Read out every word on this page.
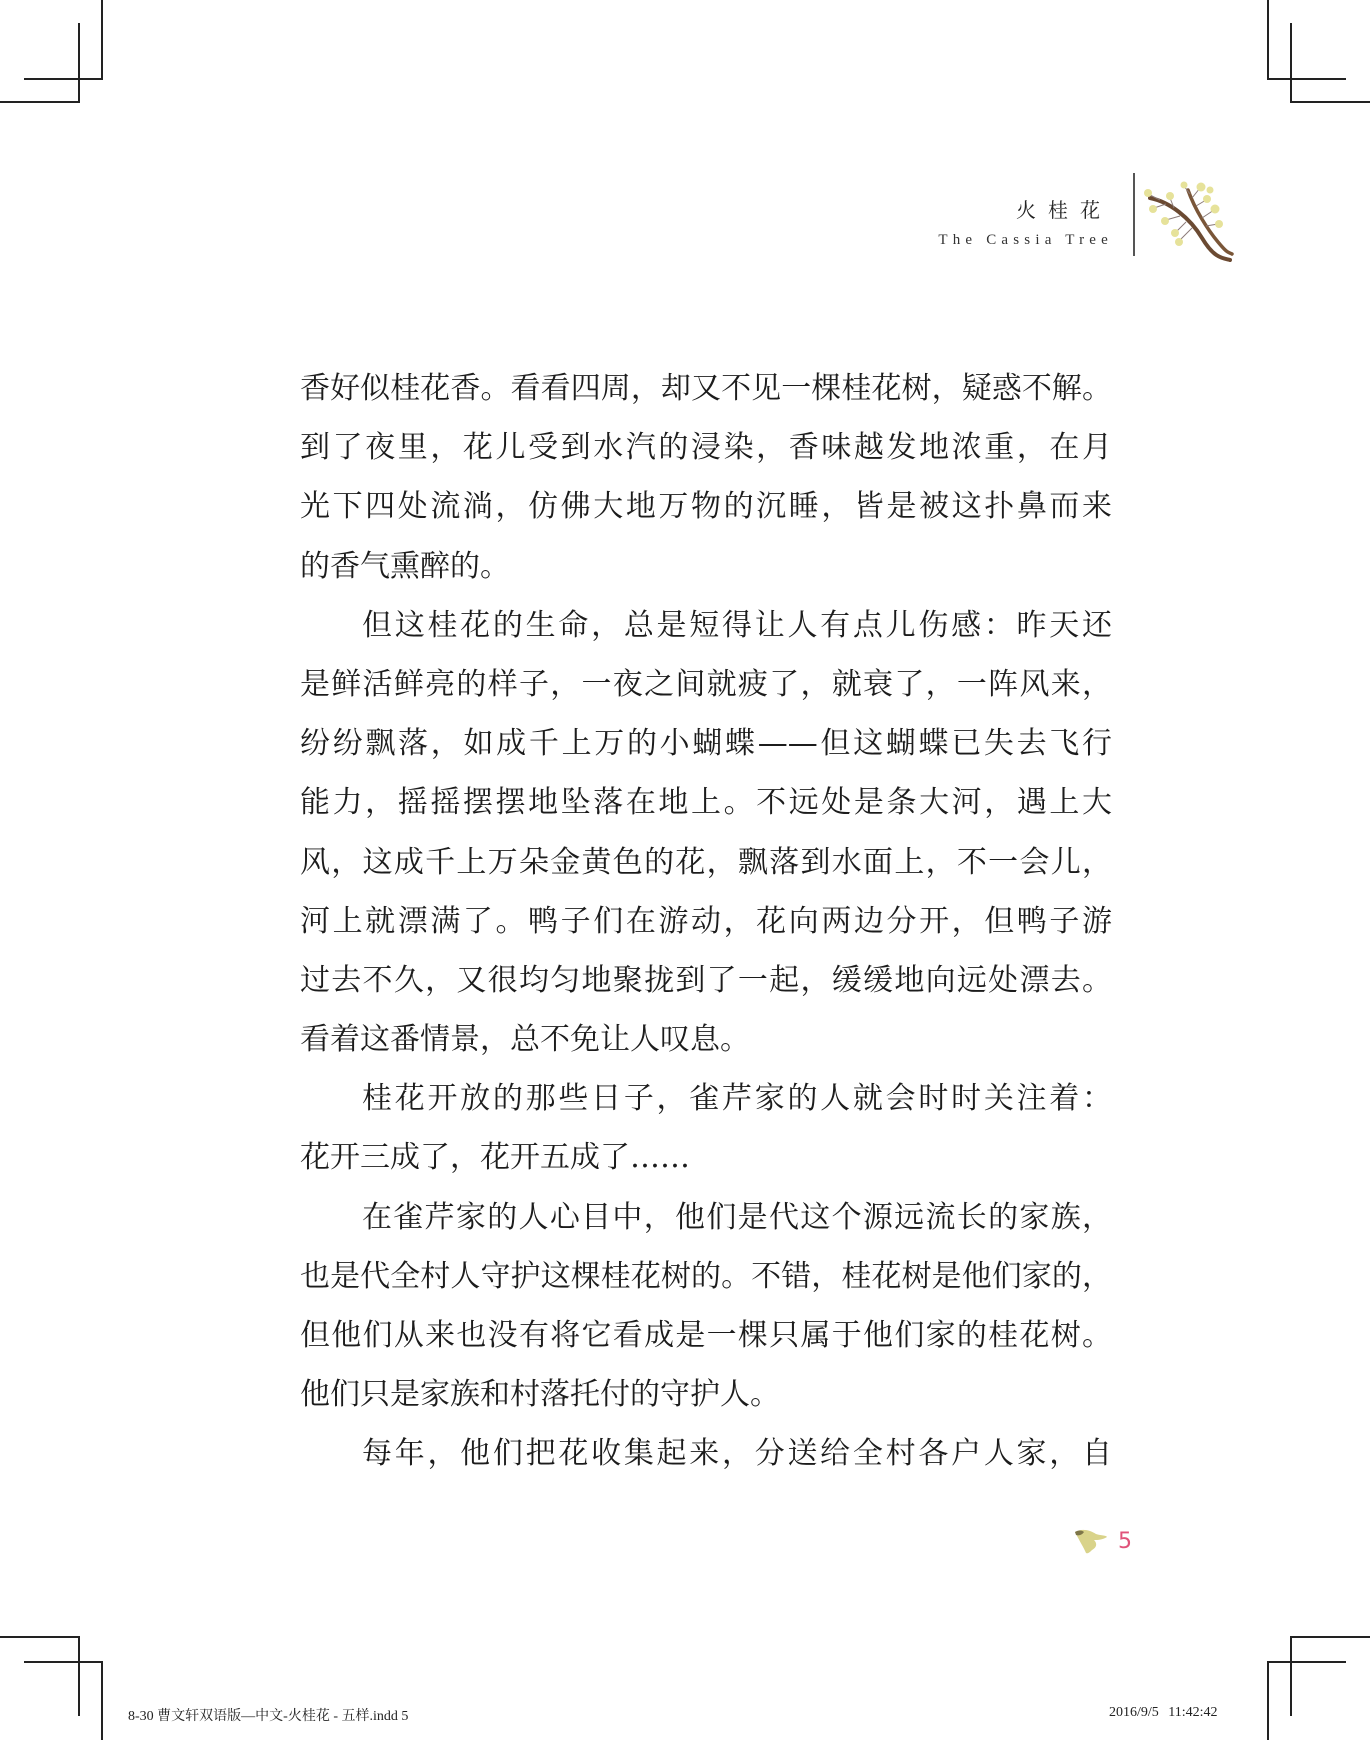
火桂花
The Cassia Tree
香好似桂花香。看看四周，却又不见一棵桂花树，疑惑不解。
到了夜里，花儿受到水汽的浸染，香味越发地浓重，在月
光下四处流淌，仿佛大地万物的沉睡，皆是被这扑鼻而来
的香气熏醉的。
但这桂花的生命，总是短得让人有点儿伤感：昨天还
是鲜活鲜亮的样子，一夜之间就疲了，就衰了，一阵风来，
纷纷飘落，如成千上万的小蝴蝶——但这蝴蝶已失去飞行
能力，摇摇摆摆地坠落在地上。不远处是条大河，遇上大
风，这成千上万朵金黄色的花，飘落到水面上，不一会儿，
河上就漂满了。鸭子们在游动，花向两边分开，但鸭子游
过去不久，又很均匀地聚拢到了一起，缓缓地向远处漂去。
看着这番情景，总不免让人叹息。
桂花开放的那些日子，雀芹家的人就会时时关注着：
花开三成了，花开五成了……
在雀芹家的人心目中，他们是代这个源远流长的家族，
也是代全村人守护这棵桂花树的。不错，桂花树是他们家的，
但他们从来也没有将它看成是一棵只属于他们家的桂花树。
他们只是家族和村落托付的守护人。
每年，他们把花收集起来，分送给全村各户人家，自
5
8-30 曹文轩双语版—中文-火桂花 - 五样.indd 5	2016/9/5 11:42:42
